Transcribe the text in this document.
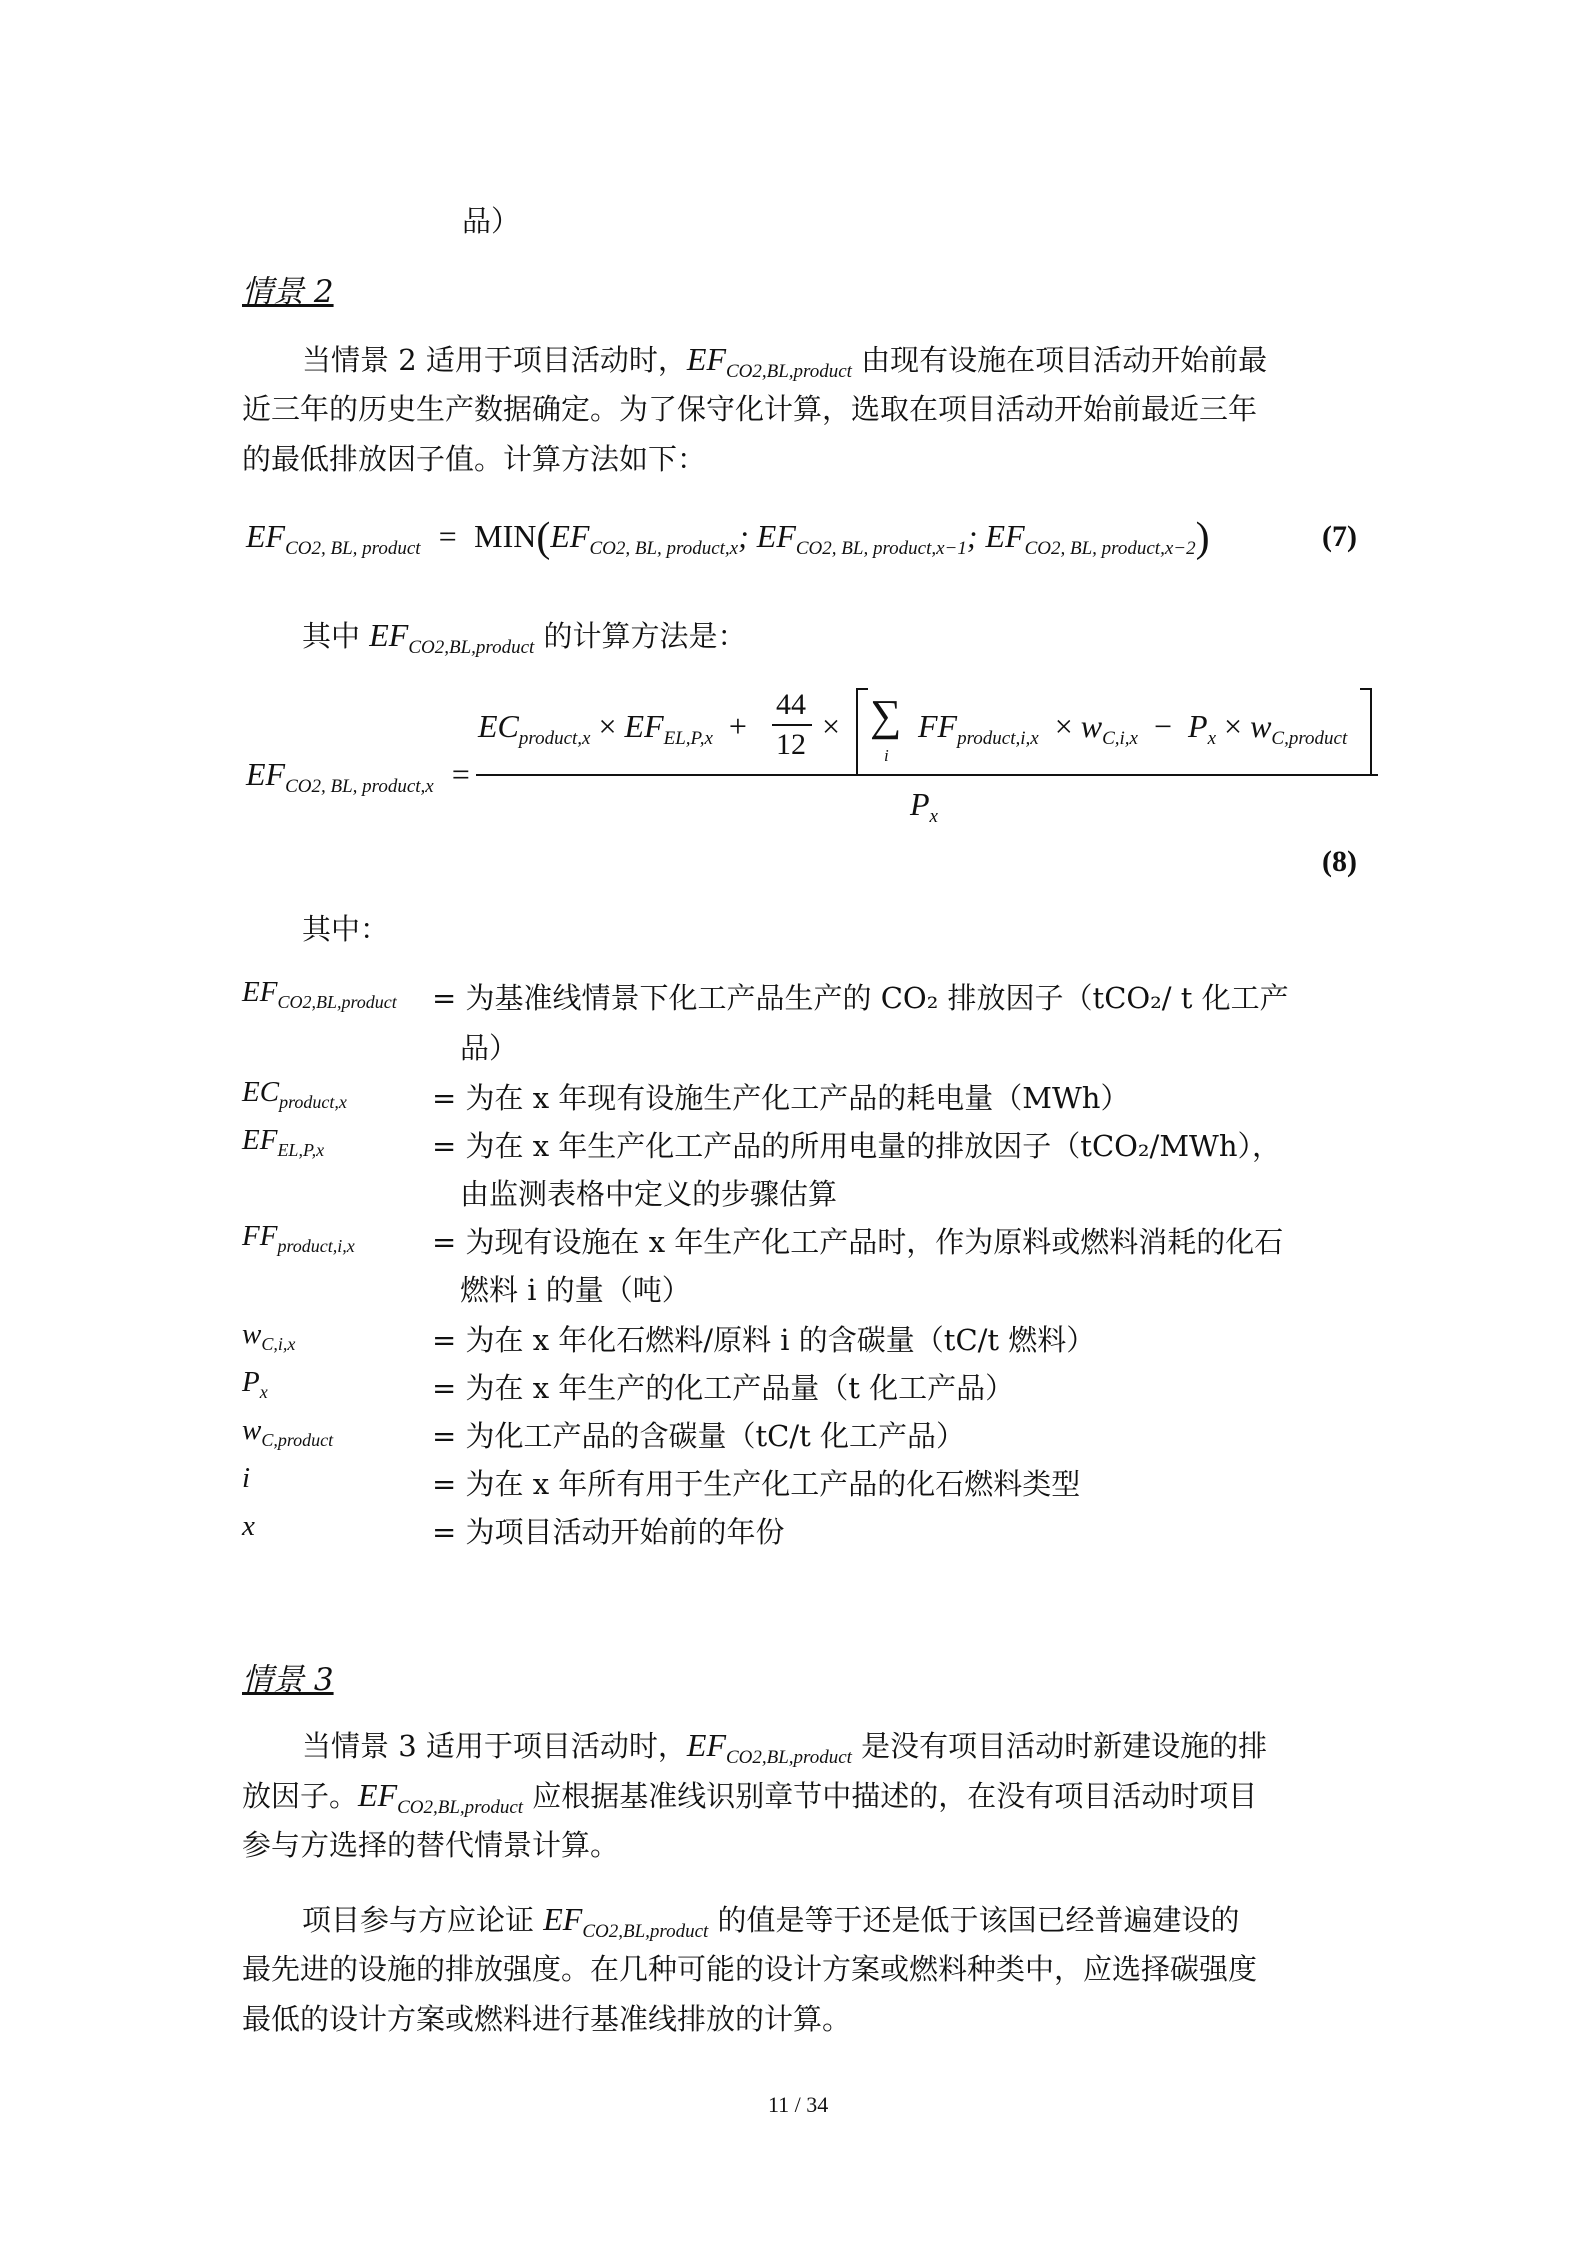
品）
情景 2
当情景 2 适用于项目活动时，$EF_{CO2,BL,product}$ 由现有设施在项目活动开始前最
近三年的历史生产数据确定。为了保守化计算，选取在项目活动开始前最近三年
的最低排放因子值。计算方法如下：
$EF_{CO2, BL, product} = MIN(EF_{CO2, BL, product,x}$; $EF_{CO2, BL, product,x-1}$; $EF_{CO2, BL, product,x-2}$)	(7)
其中 $EF_{CO2,BL,product}$ 的计算方法是：
$EF_{CO2, BL, product,x}$  =
$EC_{product,x} \times EF_{EL,P,x}$ +
44
12
× ∑
i
$FF_{product,i,x} \times w_{C,i,x} - P_x \times w_{C,product}$
$P_x$
(8)
其中：
$EF_{CO2,BL,product}$ = 为基准线情景下化工产品生产的 CO₂ 排放因子（tCO₂/ t 化工产
品）
$EC_{product,x}$	= 为在 x 年现有设施生产化工产品的耗电量（MWh）
$EF_{EL,P,x}$	= 为在 x 年生产化工产品的所用电量的排放因子（tCO₂/MWh），
由监测表格中定义的步骤估算
$FF_{product,i,x}$	= 为现有设施在 x 年生产化工产品时，作为原料或燃料消耗的化石
燃料 i 的量（吨）
$w_{C,i,x}$	= 为在 x 年化石燃料/原料 i 的含碳量（tC/t 燃料）
$P_x$	= 为在 x 年生产的化工产品量（t 化工产品）
$w_{C,product}$	= 为化工产品的含碳量（tC/t 化工产品）
i	= 为在 x 年所有用于生产化工产品的化石燃料类型
x	= 为项目活动开始前的年份
情景 3
当情景 3 适用于项目活动时，$EF_{CO2,BL,product}$ 是没有项目活动时新建设施的排
放因子。$EF_{CO2,BL,product}$ 应根据基准线识别章节中描述的，在没有项目活动时项目
参与方选择的替代情景计算。
项目参与方应论证 $EF_{CO2,BL,product}$ 的值是等于还是低于该国已经普遍建设的
最先进的设施的排放强度。在几种可能的设计方案或燃料种类中，应选择碳强度
最低的设计方案或燃料进行基准线排放的计算。
11 / 34
